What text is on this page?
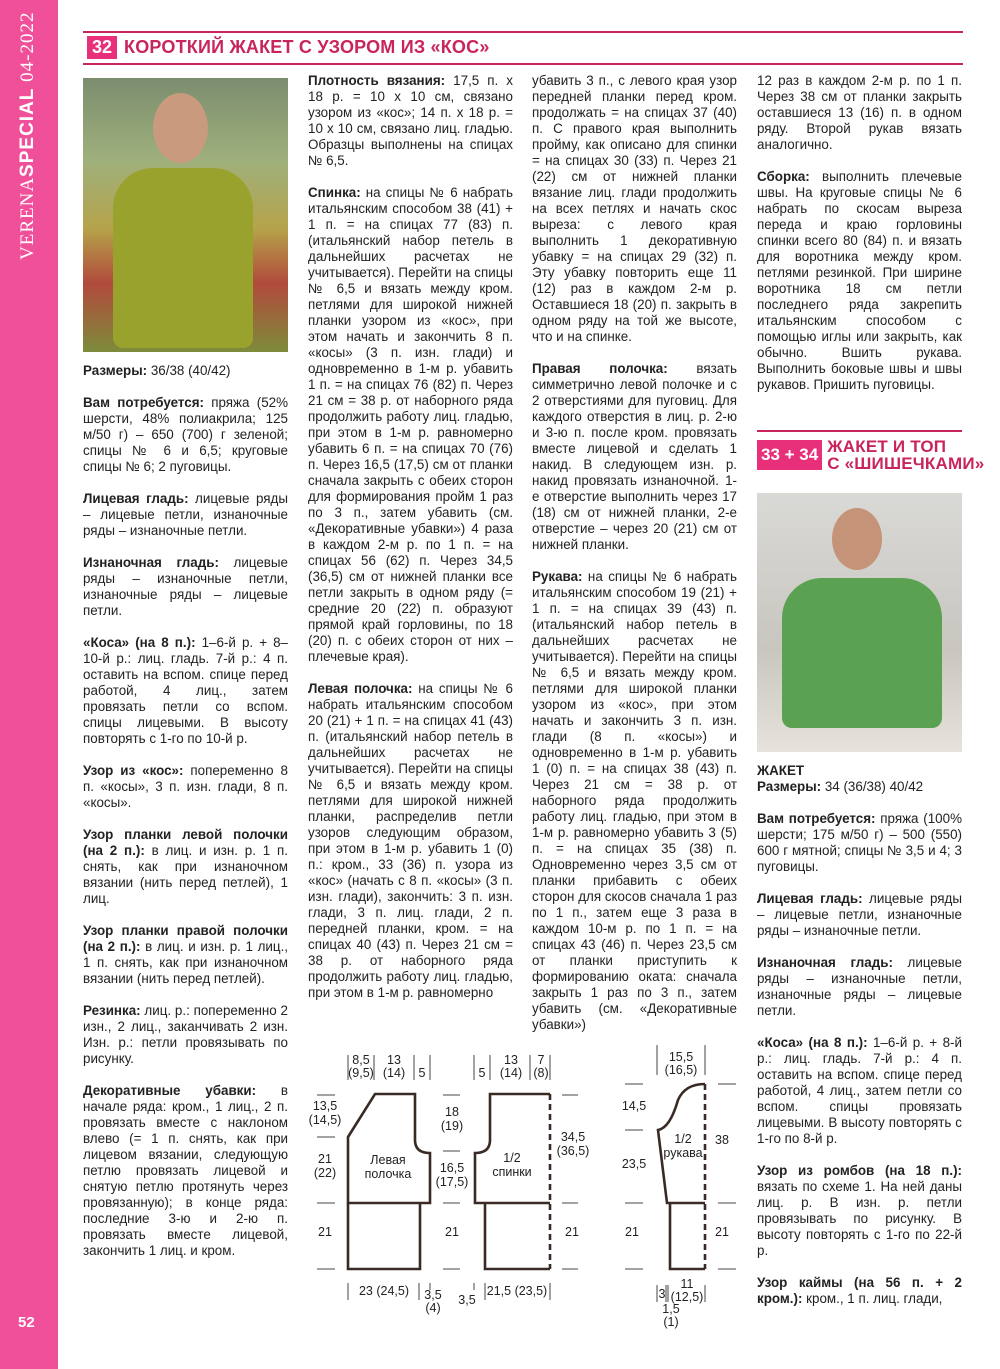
VERENASPECIAL 04-2022
52
32 КОРОТКИЙ ЖАКЕТ С УЗОРОМ ИЗ «КОС»

Размеры: 36/38 (40/42)

Вам потребуется: пряжа (52% шерсти, 48% полиакрила; 125 м/50 г) – 650 (700) г зеленой; спицы № 6 и 6,5; круговые спицы № 6; 2 пуговицы.

Лицевая гладь: лицевые ряды – лицевые петли, изнаночные ряды – изнаночные петли.

Изнаночная гладь: лицевые ряды – изнаночные петли, изнаночные ряды – лицевые петли.

«Коса» (на 8 п.): 1–6-й р. + 8–10-й р.: лиц. гладь. 7-й р.: 4 п. оставить на вспом. спице перед работой, 4 лиц., затем провязать петли со вспом. спицы лицевыми. В высоту повторять с 1-го по 10-й р.

Узор из «кос»: попеременно 8 п. «косы», 3 п. изн. глади, 8 п. «косы».

Узор планки левой полочки (на 2 п.): в лиц. и изн. р. 1 п. снять, как при изнаночном вязании (нить перед петлей), 1 лиц.

Узор планки правой полочки (на 2 п.): в лиц. и изн. р. 1 лиц., 1 п. снять, как при изнаночном вязании (нить перед петлей).

Резинка: лиц. р.: попеременно 2 изн., 2 лиц., заканчивать 2 изн. Изн. р.: петли провязывать по рисунку.

Декоративные убавки: в начале ряда: кром., 1 лиц., 2 п. провязать вместе с наклоном влево (= 1 п. снять, как при лицевом вязании, следующую петлю провязать лицевой и снятую петлю протянуть через провязанную); в конце ряда: последние 3-ю и 2-ю п. провязать вместе лицевой, закончить 1 лиц. и кром.

Плотность вязания: 17,5 п. х 18 р. = 10 х 10 см, связано узором из «кос»; 14 п. х 18 р. = 10 х 10 см, связано лиц. гладью. Образцы выполнены на спицах № 6,5.

Спинка: на спицы № 6 набрать итальянским способом 38 (41) + 1 п. = на спицах 77 (83) п. (итальянский набор петель в дальнейших расчетах не учитывается). Перейти на спицы № 6,5 и вязать между кром. петлями для широкой нижней планки узором из «кос», при этом начать и закончить 8 п. «косы» (3 п. изн. глади) и одновременно в 1-м р. убавить 1 п. = на спицах 76 (82) п. Через 21 см = 38 р. от наборного ряда продолжить работу лиц. гладью, при этом в 1-м р. равномерно убавить 6 п. = на спицах 70 (76) п. Через 16,5 (17,5) см от планки сначала закрыть с обеих сторон для формирования пройм 1 раз по 3 п., затем убавить (см. «Декоративные убавки») 4 раза в каждом 2-м р. по 1 п. = на спицах 56 (62) п. Через 34,5 (36,5) см от нижней планки все петли закрыть в одном ряду (= средние 20 (22) п. образуют прямой край горловины, по 18 (20) п. с обеих сторон от них – плечевые края).

Левая полочка: на спицы № 6 набрать итальянским способом 20 (21) + 1 п. = на спицах 41 (43) п. (итальянский набор петель в дальнейших расчетах не учитывается). Перейти на спицы № 6,5 и вязать между кром. петлями для широкой нижней планки, распределив петли узоров следующим образом, при этом в 1-м р. убавить 1 (0) п.: кром., 33 (36) п. узора из «кос» (начать с 8 п. «косы» (3 п. изн. глади), закончить: 3 п. изн. глади, 3 п. лиц. глади, 2 п. передней планки, кром. = на спицах 40 (43) п. Через 21 см = 38 р. от наборного ряда продолжить работу лиц. гладью, при этом в 1-м р. равномерно

убавить 3 п., с левого края узор передней планки перед кром. продолжать = на спицах 37 (40) п. С правого края выполнить пройму, как описано для спинки = на спицах 30 (33) п. Через 21 (22) см от нижней планки вязание лиц. глади продолжить на всех петлях и начать скос выреза: с левого края выполнить 1 декоративную убавку = на спицах 29 (32) п. Эту убавку повторить еще 11 (12) раз в каждом 2-м р. Оставшиеся 18 (20) п. закрыть в одном ряду на той же высоте, что и на спинке.

Правая полочка: вязать симметрично левой полочке и с 2 отверстиями для пуговиц. Для каждого отверстия в лиц. р. 2-ю и 3-ю п. после кром. провязать вместе лицевой и сделать 1 накид. В следующем изн. р. накид провязать изнаночной. 1-е отверстие выполнить через 17 (18) см от нижней планки, 2-е отверстие – через 20 (21) см от нижней планки.

Рукава: на спицы № 6 набрать итальянским способом 19 (21) + 1 п. = на спицах 39 (43) п. (итальянский набор петель в дальнейших расчетах не учитывается). Перейти на спицы № 6,5 и вязать между кром. петлями для широкой планки узором из «кос», при этом начать и закончить 3 п. изн. глади (8 п. «косы») и одновременно в 1-м р. убавить 1 (0) п. = на спицах 38 (43) п. Через 21 см = 38 р. от наборного ряда продолжить работу лиц. гладью, при этом в 1-м р. равномерно убавить 3 (5) п. = на спицах 35 (38) п. Одновременно через 3,5 см от планки прибавить с обеих сторон для скосов сначала 1 раз по 1 п., затем еще 3 раза в каждом 10-м р. по 1 п. = на спицах 43 (46) п. Через 23,5 см от планки приступить к формированию оката: сначала закрыть 1 раз по 3 п., затем убавить (см. «Декоративные убавки»)

12 раз в каждом 2-м р. по 1 п. Через 38 см от планки закрыть оставшиеся 13 (16) п. в одном ряду. Второй рукав вязать аналогично.

Сборка: выполнить плечевые швы. На круговые спицы № 6 набрать по скосам выреза переда и краю горловины спинки всего 80 (84) п. и вязать для воротника между кром. петлями резинкой. При ширине воротника 18 см петли последнего ряда закрепить итальянским способом с помощью иглы или закрыть, как обычно. Вшить рукава. Выполнить боковые швы и швы рукавов. Пришить пуговицы.

33 + 34 ЖАКЕТ И ТОП
С «ШИШЕЧКАМИ»
ЖАКЕТ

Размеры: 34 (36/38) 40/42

Вам потребуется: пряжа (100% шерсти; 175 м/50 г) – 500 (550) 600 г мятной; спицы № 3,5 и 4; 3 пуговицы.

Лицевая гладь: лицевые ряды – лицевые петли, изнаночные ряды – изнаночные петли.

Изнаночная гладь: лицевые ряды – изнаночные петли, изнаночные ряды – лицевые петли.

«Коса» (на 8 п.): 1–6-й р. + 8-й р.: лиц. гладь. 7-й р.: 4 п. оставить на вспом. спице перед работой, 4 лиц., затем петли со вспом. спицы провязать лицевыми. В высоту повторять с 1-го по 8-й р.

Узор из ромбов (на 18 п.): вязать по схеме 1. На ней даны лиц. р. В изн. р. петли провязывать по рисунку. В высоту повторять с 1-го по 22-й р.

Узор каймы (на 56 п. + 2 кром.): кром., 1 п. лиц. глади,

Левая
полочка
1/2
спинки
1/2
рукава
8,5
(9,5)
13
(14) 5
13,5
(14,5)
21
(22)
21
23 (24,5) 3,5
(4)
18
(19)
16,5
(17,5)
21
5
13
(14)
7
(8)
34,5
(36,5)
21
3,5
21,5 (23,5)
15,5
(16,5)
14,5
23,5
21
38
21
3
11
(12,5)
1,5
(1)
